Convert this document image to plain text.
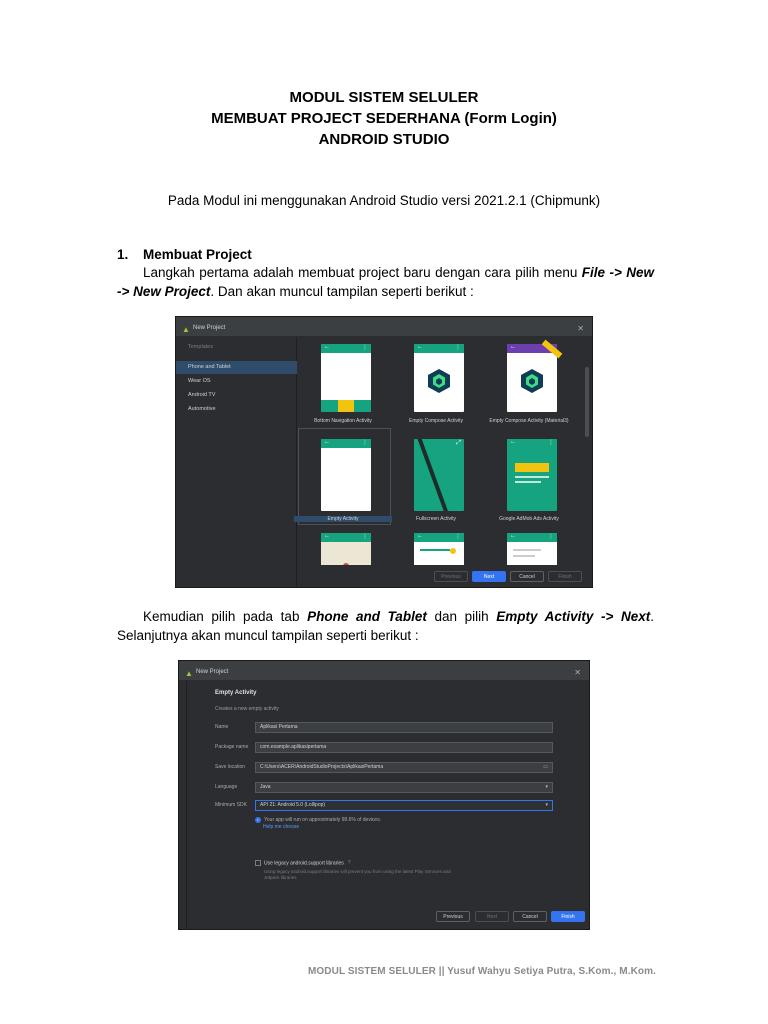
MODUL SISTEM SELULER
MEMBUAT PROJECT SEDERHANA (Form Login)
ANDROID STUDIO
Pada Modul ini menggunakan Android Studio versi 2021.2.1 (Chipmunk)
1. Membuat Project
Langkah pertama adalah membuat project baru dengan cara pilih menu File -> New -> New Project. Dan akan muncul tampilan seperti berikut :
▲ New Project	✕
Templates
Phone and Tablet
Wear OS
Android TV
Automotive
←	⋮
Bottom Navigation Activity
←	⋮
Empty Compose Activity
←
Empty Compose Activity (Material3)
←	⋮
Empty Activity
⤢
Fullscreen Activity
←	⋮
Google AdMob Ads Activity
←	⋮	←	⋮	←	⋮
Previous	Next	Cancel	Finish
Kemudian pilih pada tab Phone and Tablet dan pilih Empty Activity -> Next. Selanjutnya akan muncul tampilan seperti berikut :
▲ New Project	✕
Empty Activity
Creates a new empty activity
Name	Aplikasi Pertama
Package name	com.example.aplikasipertama
Save location	C:\Users\ACER\AndroidStudioProjects\AplikasiPertama	▭
Language	Java	▾
Minimum SDK	API 21: Android 5.0 (Lollipop)	▾
i Your app will run on approximately 98.6% of devices.
Help me choose
Use legacy android.support libraries ?
Using legacy android.support libraries will prevent you from using the latest Play Services and Jetpack libraries
Previous	Next	Cancel	Finish
MODUL SISTEM SELULER || Yusuf Wahyu Setiya Putra, S.Kom., M.Kom.
